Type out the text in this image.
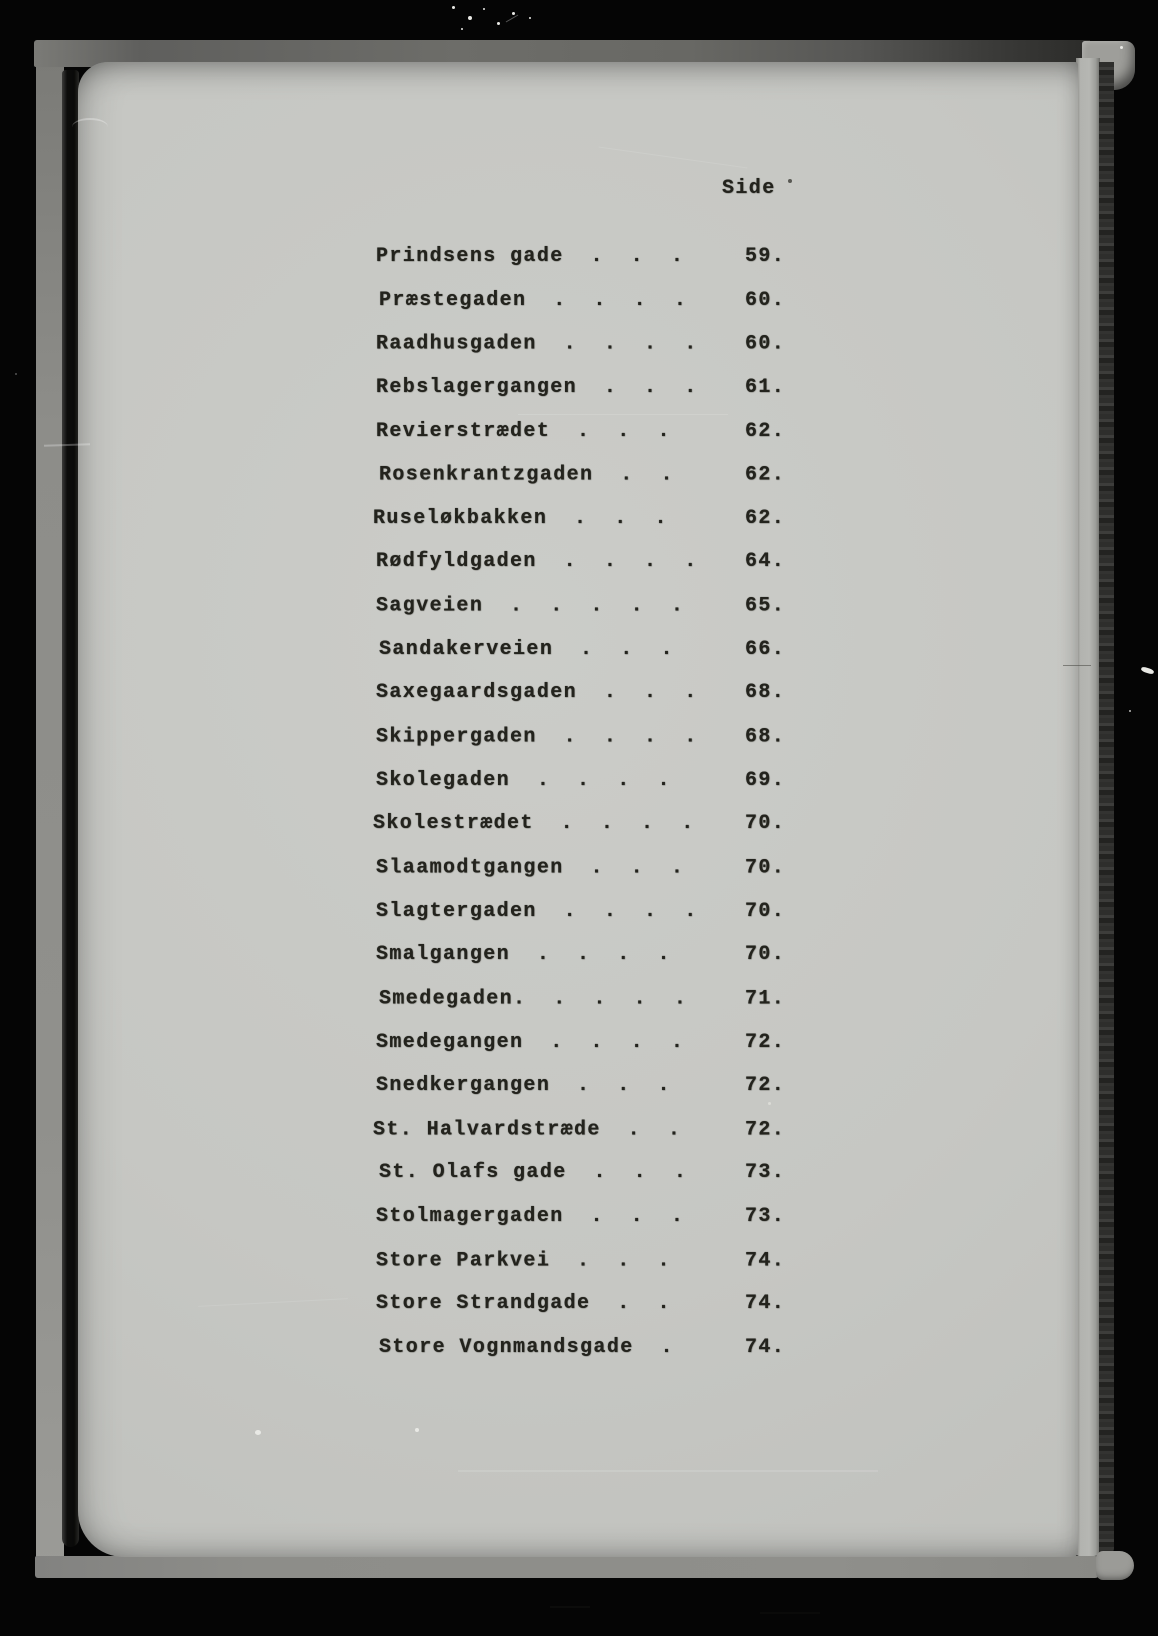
Side
Prindsens gade  .  .  .	59.
Præstegaden  .  .  .  .	60.
Raadhusgaden  .  .  .  . 60.
Rebslagergangen  .  .  . 61.
Revierstrædet  .  .  .	62.
Rosenkrantzgaden  .  .	62.
Ruseløkbakken  .  .  .	62.
Rødfyldgaden  .  .  .  . 64.
Sagveien  .  .  .  .  .	65.
Sandakerveien  .  .  .	66.
Saxegaardsgaden  .  .  . 68.
Skippergaden  .  .  .  . 68.
Skolegaden  .  .  .  .	69.
Skolestrædet  .  .  .  .	70.
Slaamodtgangen  .  .  .	70.
Slagtergaden  .  .  .  . 70.
Smalgangen  .  .  .  .	70.
Smedegaden.  .  .  .  .	71.
Smedegangen  .  .  .  .	72.
Snedkergangen  .  .  .	72.
St. Halvardstræde  .  .	72.
St. Olafs gade  .  .  .	73.
Stolmagergaden  .  .  .	73.
Store Parkvei  .  .  .	74.
Store Strandgade  .  .	74.
Store Vognmandsgade  .	74.
